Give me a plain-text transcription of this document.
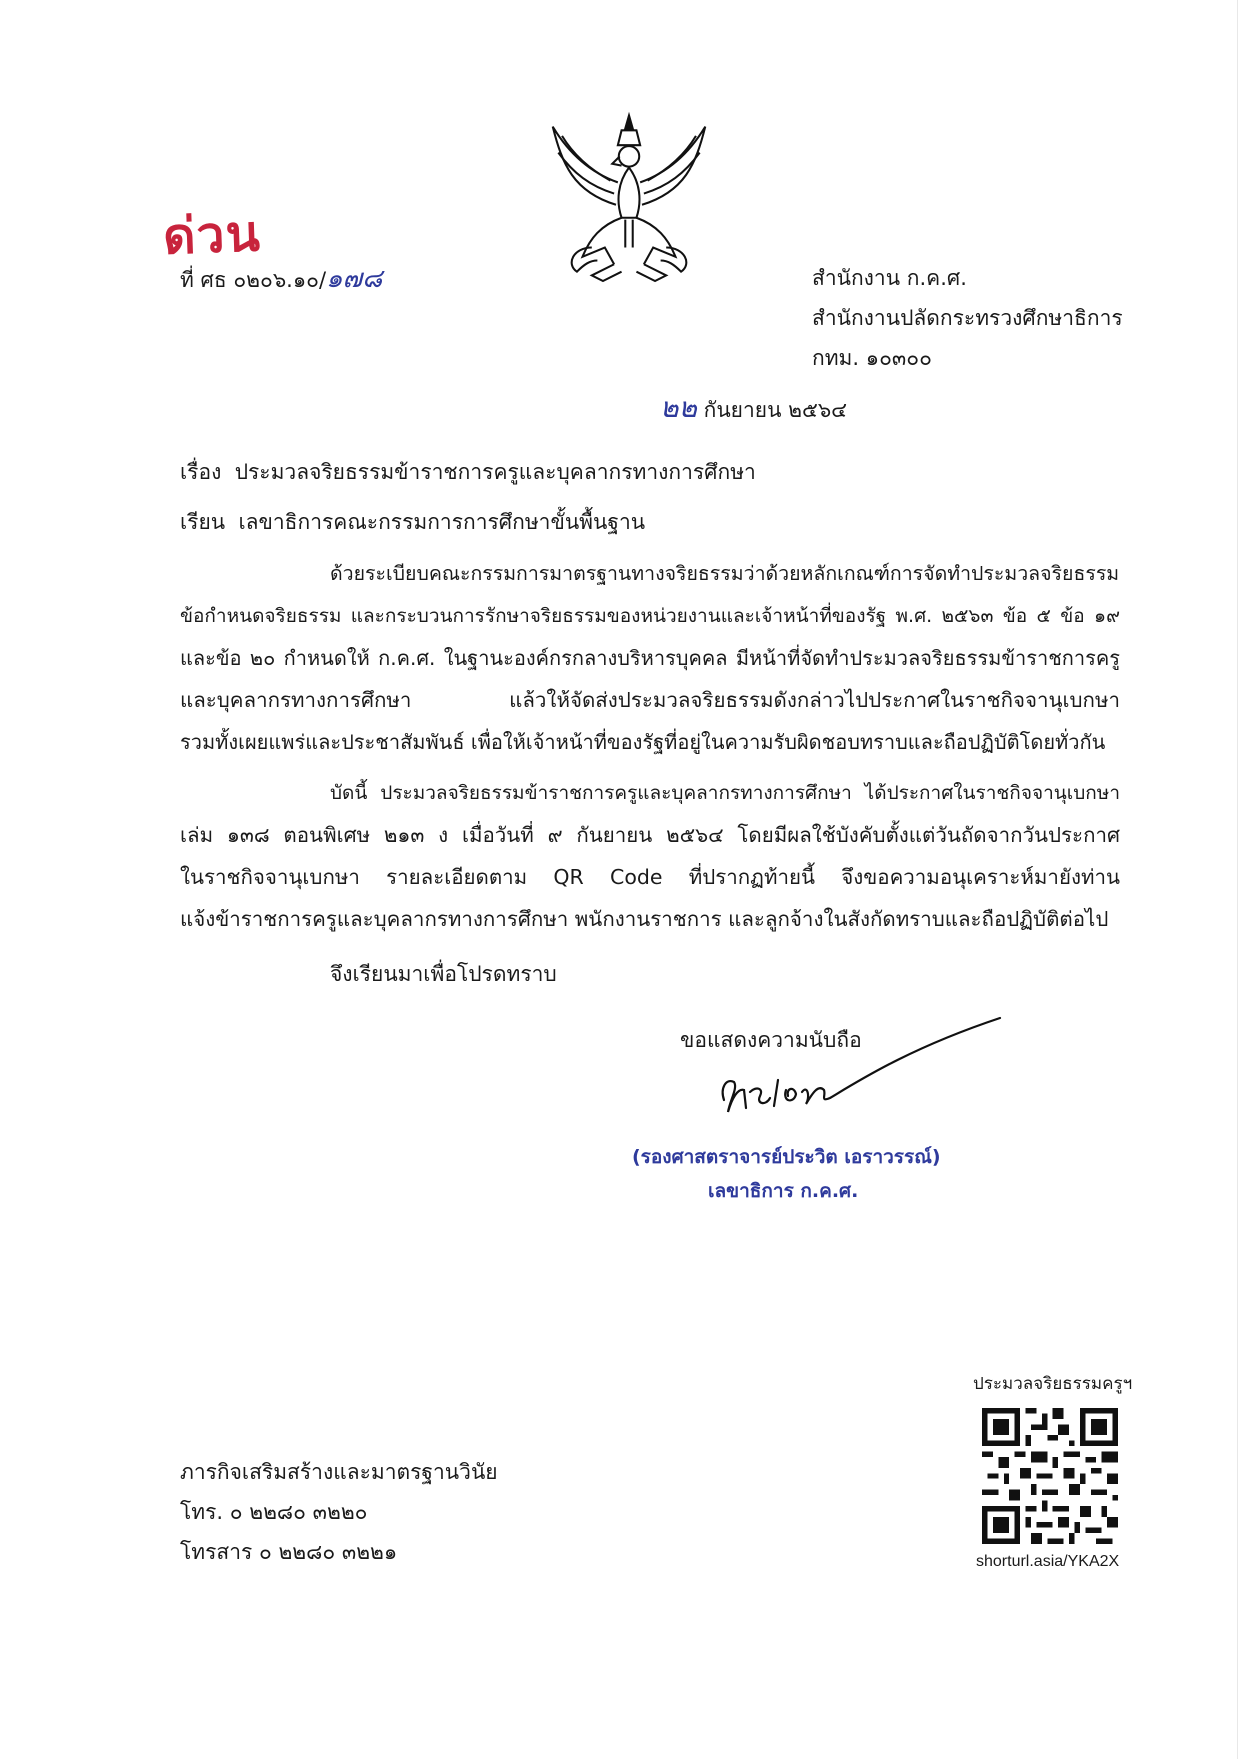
ด่วน
ที่ ศธ ๐๒๐๖.๑๐/๑๗๘	สำนักงาน ก.ค.ศ.
สำนักงานปลัดกระทรวงศึกษาธิการ
กทม. ๑๐๓๐๐
๒๒ กันยายน ๒๕๖๔
เรื่อง ประมวลจริยธรรมข้าราชการครูและบุคลากรทางการศึกษา
เรียน เลขาธิการคณะกรรมการการศึกษาขั้นพื้นฐาน
ด้วยระเบียบคณะกรรมการมาตรฐานทางจริยธรรมว่าด้วยหลักเกณฑ์การจัดทำประมวลจริยธรรม
ข้อกำหนดจริยธรรม และกระบวนการรักษาจริยธรรมของหน่วยงานและเจ้าหน้าที่ของรัฐ พ.ศ. ๒๕๖๓ ข้อ ๕ ข้อ ๑๙
และข้อ ๒๐ กำหนดให้ ก.ค.ศ. ในฐานะองค์กรกลางบริหารบุคคล มีหน้าที่จัดทำประมวลจริยธรรมข้าราชการครู
และบุคลากรทางการศึกษา แล้วให้จัดส่งประมวลจริยธรรมดังกล่าวไปประกาศในราชกิจจานุเบกษา
รวมทั้งเผยแพร่และประชาสัมพันธ์ เพื่อให้เจ้าหน้าที่ของรัฐที่อยู่ในความรับผิดชอบทราบและถือปฏิบัติโดยทั่วกัน
บัดนี้ ประมวลจริยธรรมข้าราชการครูและบุคลากรทางการศึกษา ได้ประกาศในราชกิจจานุเบกษา
เล่ม ๑๓๘ ตอนพิเศษ ๒๑๓ ง เมื่อวันที่ ๙ กันยายน ๒๕๖๔ โดยมีผลใช้บังคับตั้งแต่วันถัดจากวันประกาศ
ในราชกิจจานุเบกษา รายละเอียดตาม QR Code ที่ปรากฏท้ายนี้ จึงขอความอนุเคราะห์มายังท่าน
แจ้งข้าราชการครูและบุคลากรทางการศึกษา พนักงานราชการ และลูกจ้างในสังกัดทราบและถือปฏิบัติต่อไป
จึงเรียนมาเพื่อโปรดทราบ
ขอแสดงความนับถือ
(รองศาสตราจารย์ประวิต เอราวรรณ์)
เลขาธิการ ก.ค.ศ.
ภารกิจเสริมสร้างและมาตรฐานวินัย
โทร. ๐ ๒๒๘๐ ๓๒๒๐
โทรสาร ๐ ๒๒๘๐ ๓๒๒๑
ประมวลจริยธรรมครูฯ
shorturl.asia/YKA2X
